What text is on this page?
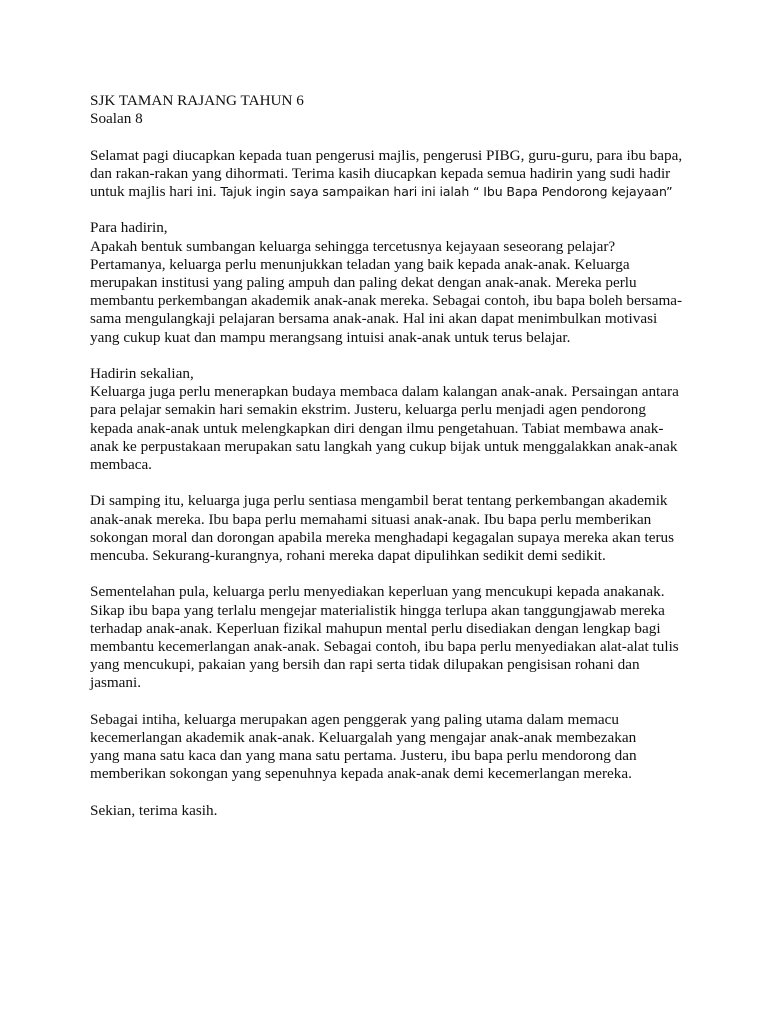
SJK TAMAN RAJANG TAHUN 6
Soalan 8
Selamat pagi diucapkan kepada tuan pengerusi majlis, pengerusi PIBG, guru-guru, para ibu bapa,
dan rakan-rakan yang dihormati. Terima kasih diucapkan kepada semua hadirin yang sudi hadir
untuk majlis hari ini. Tajuk ingin saya sampaikan hari ini ialah “ Ibu Bapa Pendorong kejayaan”
Para hadirin,
Apakah bentuk sumbangan keluarga sehingga tercetusnya kejayaan seseorang pelajar?
Pertamanya, keluarga perlu menunjukkan teladan yang baik kepada anak-anak. Keluarga
merupakan institusi yang paling ampuh dan paling dekat dengan anak-anak. Mereka perlu
membantu perkembangan akademik anak-anak mereka. Sebagai contoh, ibu bapa boleh bersama-
sama mengulangkaji pelajaran bersama anak-anak. Hal ini akan dapat menimbulkan motivasi
yang cukup kuat dan mampu merangsang intuisi anak-anak untuk terus belajar.
Hadirin sekalian,
Keluarga juga perlu menerapkan budaya membaca dalam kalangan anak-anak. Persaingan antara
para pelajar semakin hari semakin ekstrim. Justeru, keluarga perlu menjadi agen pendorong
kepada anak-anak untuk melengkapkan diri dengan ilmu pengetahuan. Tabiat membawa anak-
anak ke perpustakaan merupakan satu langkah yang cukup bijak untuk menggalakkan anak-anak
membaca.
Di samping itu, keluarga juga perlu sentiasa mengambil berat tentang perkembangan akademik
anak-anak mereka. Ibu bapa perlu memahami situasi anak-anak. Ibu bapa perlu memberikan
sokongan moral dan dorongan apabila mereka menghadapi kegagalan supaya mereka akan terus
mencuba. Sekurang-kurangnya, rohani mereka dapat dipulihkan sedikit demi sedikit.
Sementelahan pula, keluarga perlu menyediakan keperluan yang mencukupi kepada anakanak.
Sikap ibu bapa yang terlalu mengejar materialistik hingga terlupa akan tanggungjawab mereka
terhadap anak-anak. Keperluan fizikal mahupun mental perlu disediakan dengan lengkap bagi
membantu kecemerlangan anak-anak. Sebagai contoh, ibu bapa perlu menyediakan alat-alat tulis
yang mencukupi, pakaian yang bersih dan rapi serta tidak dilupakan pengisisan rohani dan
jasmani.
Sebagai intiha, keluarga merupakan agen penggerak yang paling utama dalam memacu
kecemerlangan akademik anak-anak. Keluargalah yang mengajar anak-anak membezakan
yang mana satu kaca dan yang mana satu pertama. Justeru, ibu bapa perlu mendorong dan
memberikan sokongan yang sepenuhnya kepada anak-anak demi kecemerlangan mereka.
Sekian, terima kasih.
